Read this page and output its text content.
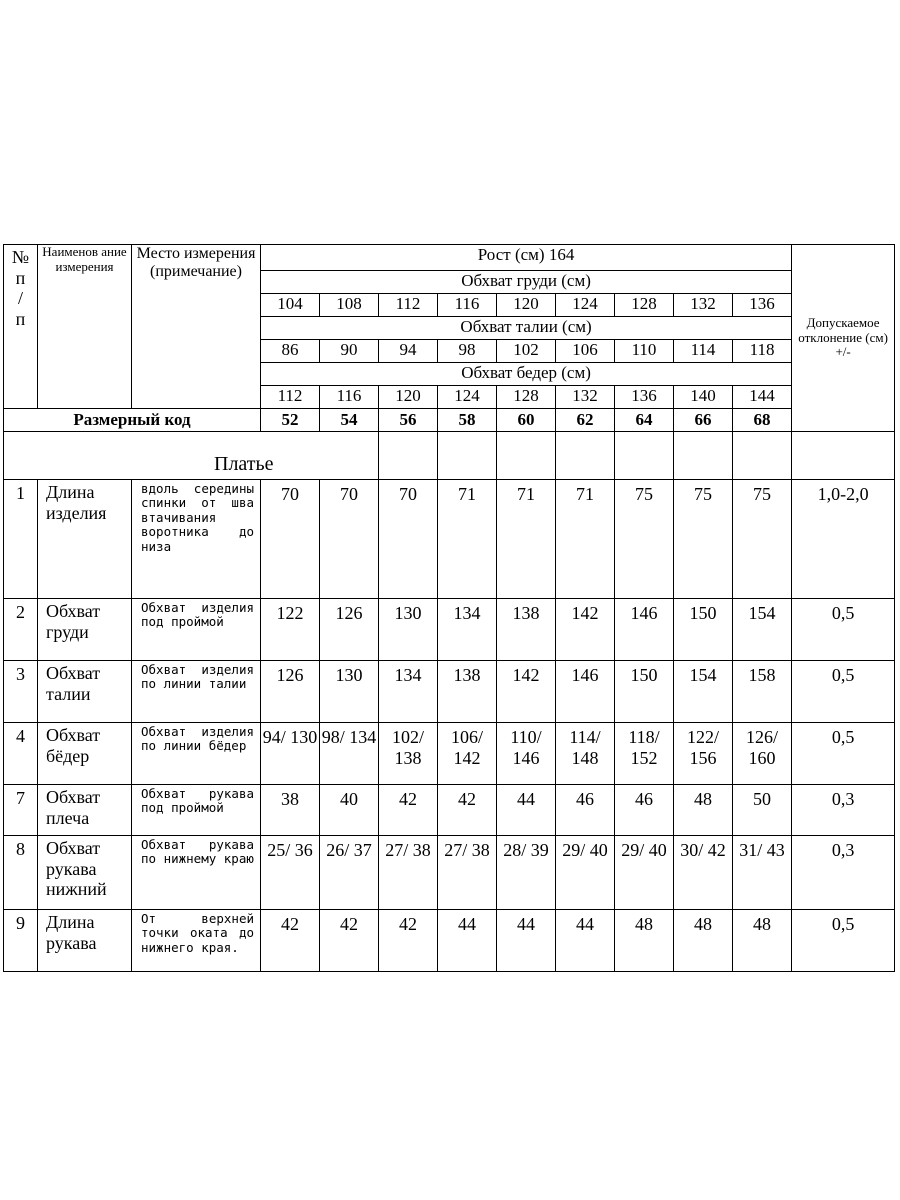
№ п / п	Наименов ание измерения	Место измерения (примечание)	Рост (см) 164									Допускаемое отклонение (см) +/-	
			Обхват груди (см)										
			104	108	112	116	120	124	128	132	136		
			Обхват талии (см)										
			86	90	94	98	102	106	110	114	118		
			Обхват бедер (см)										
			112	116	120	124	128	132	136	140	144		
Размерный код			52	54	56	58	60	62	64	66	68		
Платье													
1	Длина изделия	вдоль середины спинки от шва втачивания воротника до низа	70	70	70	71	71	71	75	75	75	1,0-2,0	
2	Обхват груди	Обхват изделия под проймой	122	126	130	134	138	142	146	150	154	0,5	
3	Обхват талии	Обхват изделия по линии талии	126	130	134	138	142	146	150	154	158	0,5	
4	Обхват бёдер	Обхват изделия по линии бёдер	94/ 130	98/ 134	102/ 138	106/ 142	110/ 146	114/ 148	118/ 152	122/ 156	126/ 160	0,5	
7	Обхват плеча	Обхват рукава под проймой	38	40	42	42	44	46	46	48	50	0,3	
8	Обхват рукава нижний	Обхват рукава по нижнему краю	25/ 36	26/ 37	27/ 38	27/ 38	28/ 39	29/ 40	29/ 40	30/ 42	31/ 43	0,3	
9	Длина рукава	От верхней точки оката до нижнего края.	42	42	42	44	44	44	48	48	48	0,5	
